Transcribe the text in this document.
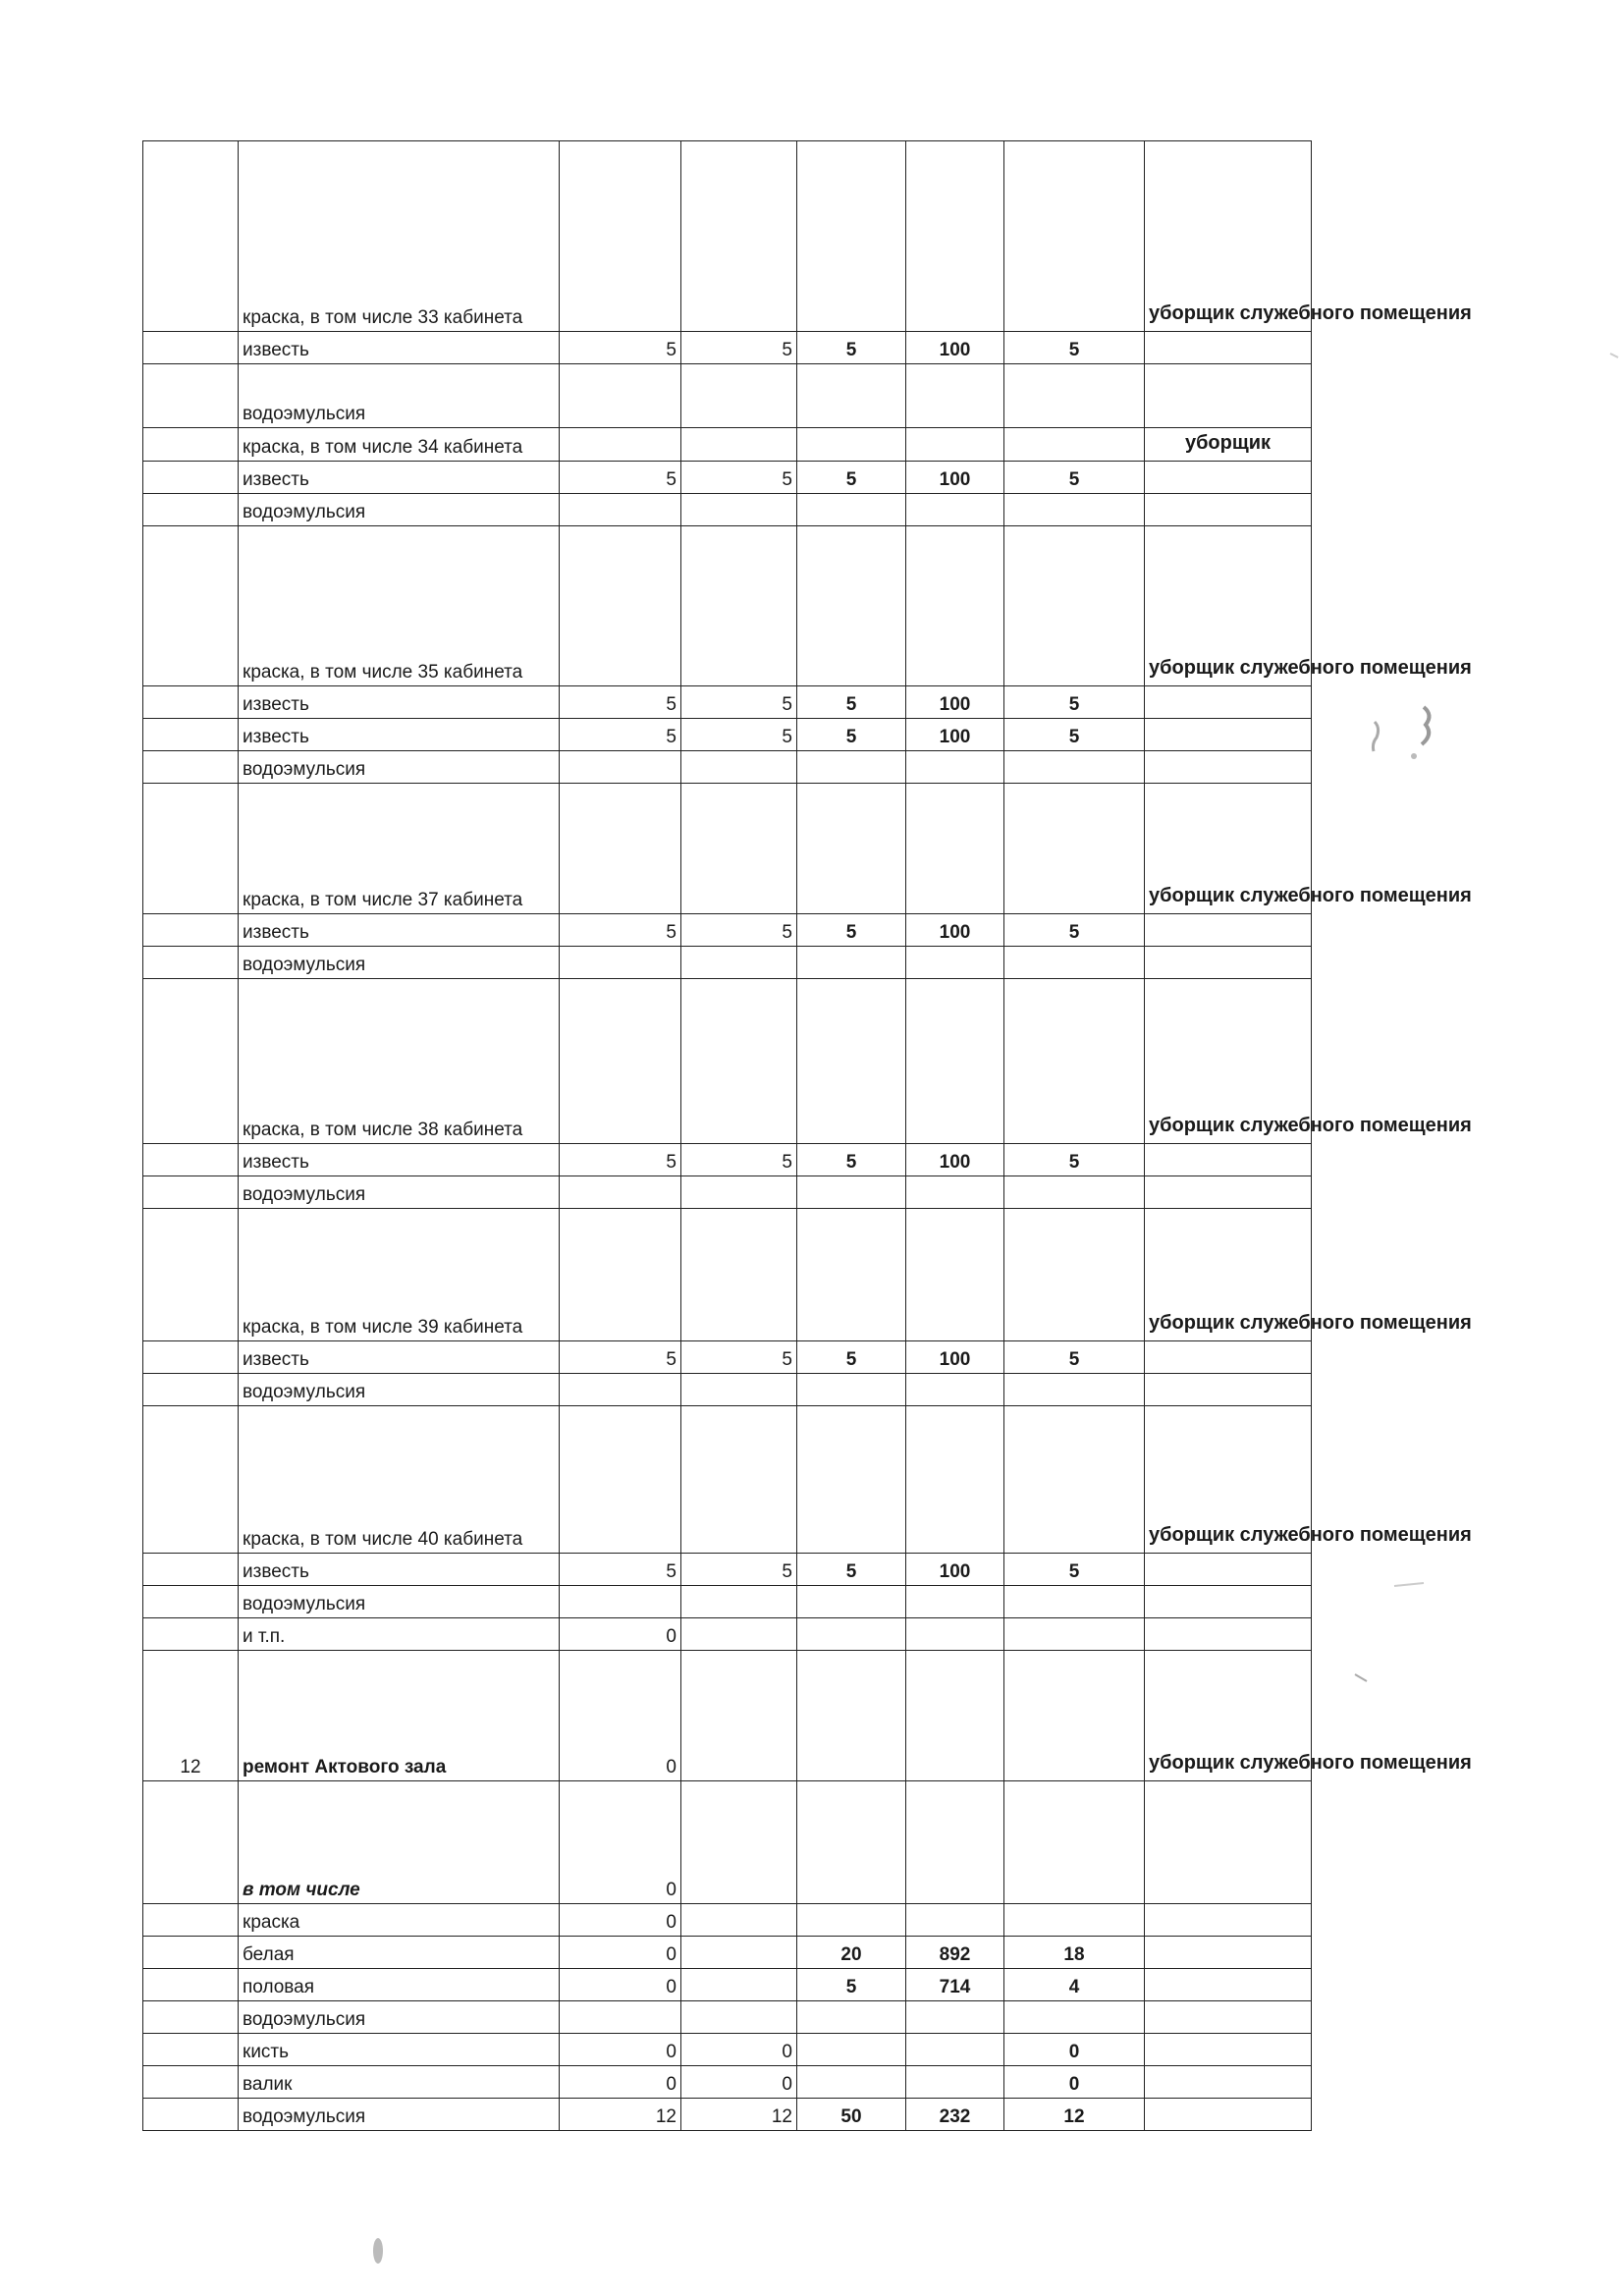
	краска, в том числе 33 кабинета						уборщик служебного помещения
	известь	5	5	5	100	5	
	водоэмульсия						
	краска, в том числе 34 кабинета						уборщик
	известь	5	5	5	100	5	
	водоэмульсия						
	краска, в том числе 35 кабинета						уборщик служебного помещения
	известь	5	5	5	100	5	
	известь	5	5	5	100	5	
	водоэмульсия						
	краска, в том числе 37 кабинета						уборщик служебного помещения
	известь	5	5	5	100	5	
	водоэмульсия						
	краска, в том числе 38 кабинета						уборщик служебного помещения
	известь	5	5	5	100	5	
	водоэмульсия						
	краска, в том числе 39 кабинета						уборщик служебного помещения
	известь	5	5	5	100	5	
	водоэмульсия						
	краска, в том числе 40 кабинета						уборщик служебного помещения
	известь	5	5	5	100	5	
	водоэмульсия						
	и т.п.	0					
12	ремонт Актового зала	0					уборщик служебного помещения
	в том числе	0					
	краска	0					
	белая	0		20	892	18	
	половая	0		5	714	4	
	водоэмульсия						
	кисть	0	0			0	
	валик	0	0			0	
	водоэмульсия	12	12	50	232	12	
